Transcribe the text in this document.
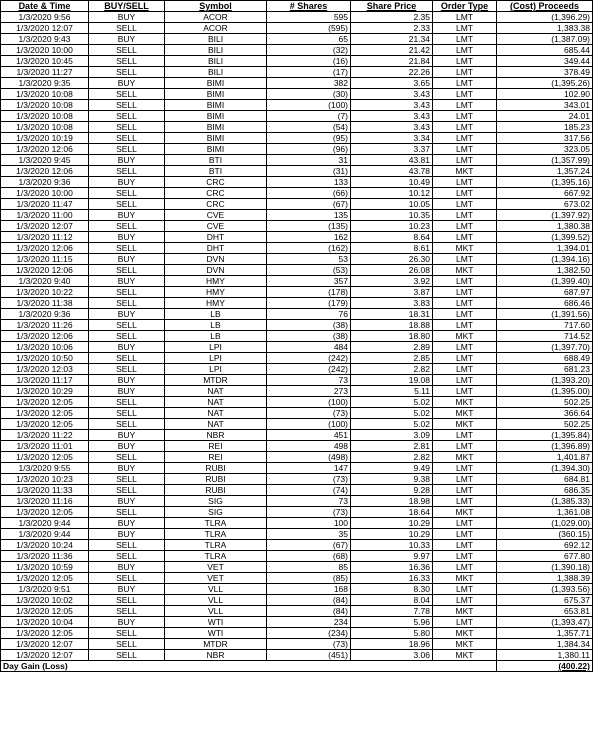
Date & Time	BUY/SELL	Symbol	# Shares	Share Price	Order Type	(Cost) Proceeds
1/3/2020 9:56	BUY	ACOR	595	2.35	LMT	(1,396.29)
1/3/2020 12:07	SELL	ACOR	(595)	2.33	LMT	1,383.38
1/3/2020 9:43	BUY	BILI	65	21.34	LMT	(1,387.09)
1/3/2020 10:00	SELL	BILI	(32)	21.42	LMT	685.44
1/3/2020 10:45	SELL	BILI	(16)	21.84	LMT	349.44
1/3/2020 11:27	SELL	BILI	(17)	22.26	LMT	378.49
1/3/2020 9:35	BUY	BIMI	382	3.65	LMT	(1,395.26)
1/3/2020 10:08	SELL	BIMI	(30)	3.43	LMT	102.90
1/3/2020 10:08	SELL	BIMI	(100)	3.43	LMT	343.01
1/3/2020 10:08	SELL	BIMI	(7)	3.43	LMT	24.01
1/3/2020 10:08	SELL	BIMI	(54)	3.43	LMT	185.23
1/3/2020 10:19	SELL	BIMI	(95)	3.34	LMT	317.56
1/3/2020 12:06	SELL	BIMI	(96)	3.37	LMT	323.05
1/3/2020 9:45	BUY	BTI	31	43.81	LMT	(1,357.99)
1/3/2020 12:06	SELL	BTI	(31)	43.78	MKT	1,357.24
1/3/2020 9:36	BUY	CRC	133	10.49	LMT	(1,395.16)
1/3/2020 10:00	SELL	CRC	(66)	10.12	LMT	667.92
1/3/2020 11:47	SELL	CRC	(67)	10.05	LMT	673.02
1/3/2020 11:00	BUY	CVE	135	10.35	LMT	(1,397.92)
1/3/2020 12:07	SELL	CVE	(135)	10.23	LMT	1,380.38
1/3/2020 11:12	BUY	DHT	162	8.64	LMT	(1,399.52)
1/3/2020 12:06	SELL	DHT	(162)	8.61	MKT	1,394.01
1/3/2020 11:15	BUY	DVN	53	26.30	LMT	(1,394.16)
1/3/2020 12:06	SELL	DVN	(53)	26.08	MKT	1,382.50
1/3/2020 9:40	BUY	HMY	357	3.92	LMT	(1,399.40)
1/3/2020 10:22	SELL	HMY	(178)	3.87	LMT	687.97
1/3/2020 11:38	SELL	HMY	(179)	3.83	LMT	686.46
1/3/2020 9:36	BUY	LB	76	18.31	LMT	(1,391.56)
1/3/2020 11:26	SELL	LB	(38)	18.88	LMT	717.60
1/3/2020 12:06	SELL	LB	(38)	18.80	MKT	714.52
1/3/2020 10:06	BUY	LPI	484	2.89	LMT	(1,397.70)
1/3/2020 10:50	SELL	LPI	(242)	2.85	LMT	688.49
1/3/2020 12:03	SELL	LPI	(242)	2.82	LMT	681.23
1/3/2020 11:17	BUY	MTDR	73	19.08	LMT	(1,393.20)
1/3/2020 10:29	BUY	NAT	273	5.11	LMT	(1,395.00)
1/3/2020 12:05	SELL	NAT	(100)	5.02	MKT	502.25
1/3/2020 12:05	SELL	NAT	(73)	5.02	MKT	366.64
1/3/2020 12:05	SELL	NAT	(100)	5.02	MKT	502.25
1/3/2020 11:22	BUY	NBR	451	3.09	LMT	(1,395.84)
1/3/2020 11:01	BUY	REI	498	2.81	LMT	(1,396.89)
1/3/2020 12:05	SELL	REI	(498)	2.82	MKT	1,401.87
1/3/2020 9:55	BUY	RUBI	147	9.49	LMT	(1,394.30)
1/3/2020 10:23	SELL	RUBI	(73)	9.38	LMT	684.81
1/3/2020 11:33	SELL	RUBI	(74)	9.28	LMT	686.35
1/3/2020 11:16	BUY	SIG	73	18.98	LMT	(1,385.33)
1/3/2020 12:05	SELL	SIG	(73)	18.64	MKT	1,361.08
1/3/2020 9:44	BUY	TLRA	100	10.29	LMT	(1,029.00)
1/3/2020 9:44	BUY	TLRA	35	10.29	LMT	(360.15)
1/3/2020 10:24	SELL	TLRA	(67)	10.33	LMT	692.12
1/3/2020 11:36	SELL	TLRA	(68)	9.97	LMT	677.80
1/3/2020 10:59	BUY	VET	85	16.36	LMT	(1,390.18)
1/3/2020 12:05	SELL	VET	(85)	16.33	MKT	1,388.39
1/3/2020 9:51	BUY	VLL	168	8.30	LMT	(1,393.56)
1/3/2020 10:02	SELL	VLL	(84)	8.04	LMT	675.37
1/3/2020 12:05	SELL	VLL	(84)	7.78	MKT	653.81
1/3/2020 10:04	BUY	WTI	234	5.96	LMT	(1,393.47)
1/3/2020 12:05	SELL	WTI	(234)	5.80	MKT	1,357.71
1/3/2020 12:07	SELL	MTDR	(73)	18.96	MKT	1,384.34
1/3/2020 12:07	SELL	NBR	(451)	3.06	MKT	1,380.11
Day Gain (Loss)						(400.22)
